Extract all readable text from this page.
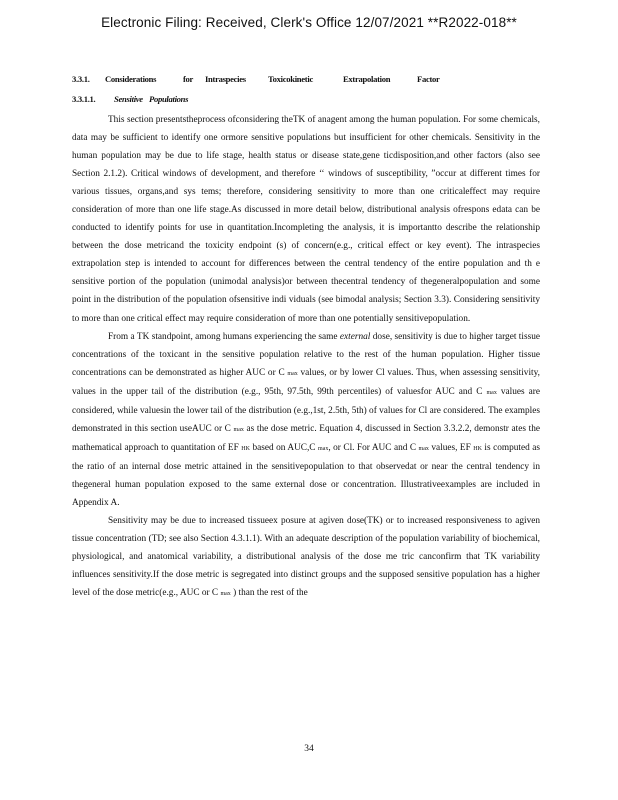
Electronic Filing: Received, Clerk's Office 12/07/2021 **R2022-018**
3.3.1. Considerations	for Intraspecies	Toxicokinetic	Extrapolation	Factor
3.3.1.1. Sensitive Populations

This section presentstheprocess ofconsidering theTK of anagent among the human population. For some chemicals, data may be sufficient to identify one ormore sensitive populations but insufficient for other chemicals. Sensitivity in the human population may be due to life stage, health status or disease state,gene ticdisposition,and other factors (also see Section 2.1.2). Critical windows of development, and therefore ‘‘ windows of susceptibility, ”occur at different times for various tissues, organs,and sys tems; therefore, considering sensitivity to more than one criticaleffect may require consideration of more than one life stage.As discussed in more detail below, distributional analysis ofrespons edata can be conducted to identify points for use in quantitation.Incompleting the analysis, it is importantto describe the relationship between the dose metricand the toxicity endpoint (s) of concern(e.g., critical effect or key event). The intraspecies extrapolation step is intended to account for differences between the central tendency of the entire population and th e sensitive portion of the population (unimodal analysis)or between thecentral tendency of thegeneralpopulation and some point in the distribution of the population ofsensitive indi viduals (see bimodal analysis; Section 3.3). Considering sensitivity to more than one critical effect may require consideration of more than one potentially sensitivepopulation.

From a TK standpoint, among humans experiencing the same external dose, sensitivity is due to higher target tissue concentrations of the toxicant in the sensitive population relative to the rest of the human population. Higher tissue concentrations can be demonstrated as higher AUC or C max values, or by lower Cl values. Thus, when assessing sensitivity, values in the upper tail of the distribution (e.g., 95th, 97.5th, 99th percentiles) of valuesfor AUC and C max values are considered, while valuesin the lower tail of the distribution (e.g.,1st, 2.5th, 5th) of values for Cl are considered. The examples demonstrated in this section useAUC or C max as the dose metric. Equation 4, discussed in Section 3.3.2.2, demonstr ates the mathematical approach to quantitation of EF HK based on AUC,C max, or Cl. For AUC and C max values, EF HK is computed as the ratio of an internal dose metric attained in the sensitivepopulation to that observedat or near the central tendency in thegeneral human population exposed to the same external dose or concentration. Illustrativeexamples are included in Appendix A.

Sensitivity may be due to increased tissueex posure at agiven dose(TK) or to increased responsiveness to agiven tissue concentration (TD; see also Section 4.3.1.1). With an adequate description of the population variability of biochemical, physiological, and anatomical variability, a distributional analysis of the dose me tric canconfirm that TK variability influences sensitivity.If the dose metric is segregated into distinct groups and the supposed sensitive population has a higher level of the dose metric(e.g., AUC or C max ) than the rest of the

34
